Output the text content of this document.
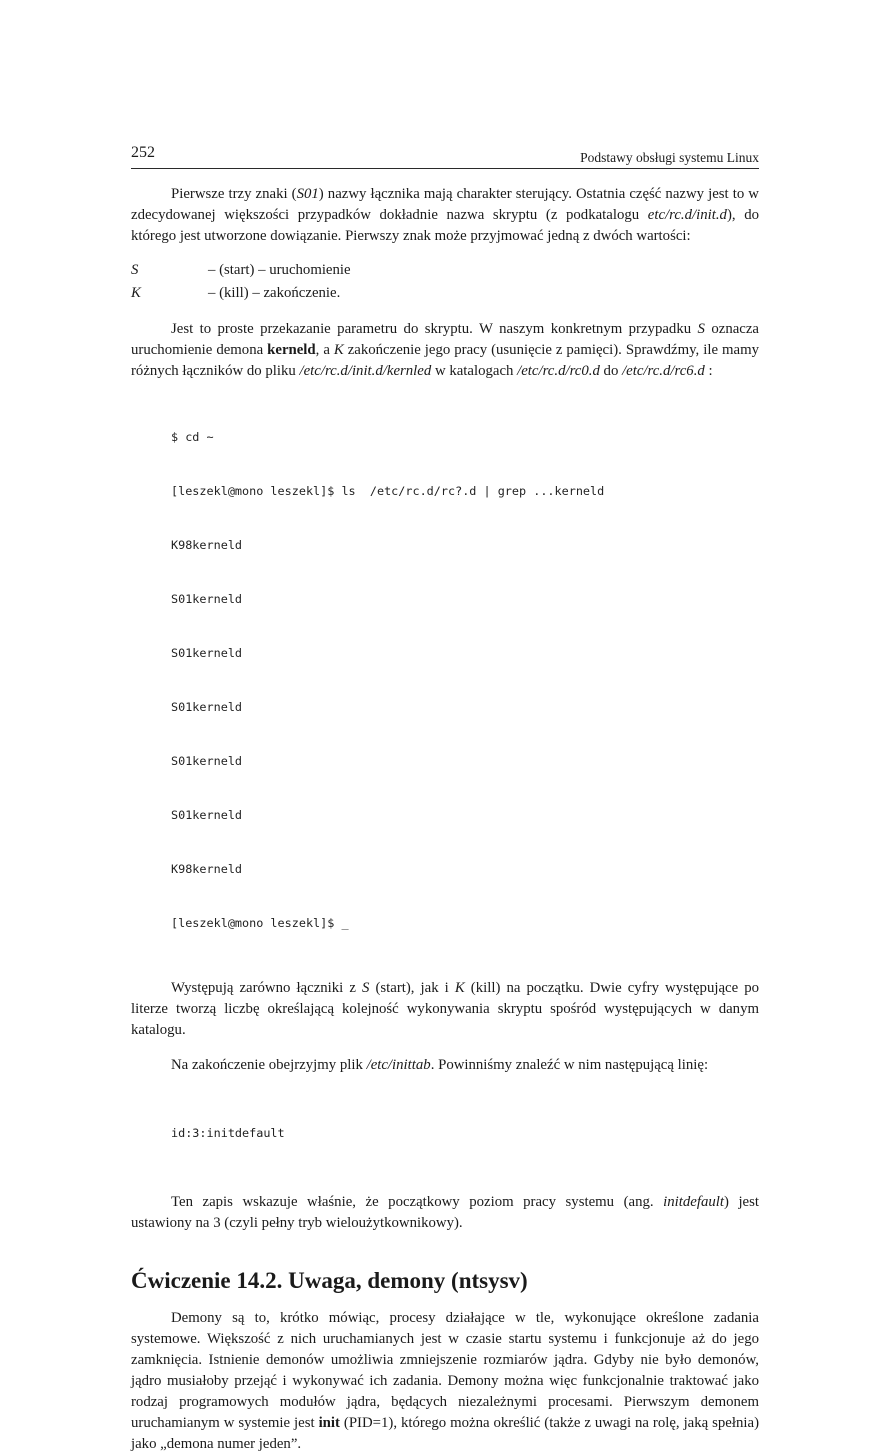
252	Podstawy obsługi systemu Linux

Pierwsze trzy znaki (S01) nazwy łącznika mają charakter sterujący. Ostatnia część nazwy jest to w zdecydowanej większości przypadków dokładnie nazwa skryptu (z podkatalogu etc/rc.d/init.d), do którego jest utworzone dowiązanie. Pierwszy znak może przyjmować jedną z dwóch wartości:

S	– (start) – uruchomienie
K	– (kill) – zakończenie.

Jest to proste przekazanie parametru do skryptu. W naszym konkretnym przypadku S oznacza uruchomienie demona kerneld, a K zakończenie jego pracy (usunięcie z pamięci). Sprawdźmy, ile mamy różnych łączników do pliku /etc/rc.d/init.d/kernled w katalogach /etc/rc.d/rc0.d do /etc/rc.d/rc6.d :

$ cd ~

[leszekl@mono leszekl]$ ls  /etc/rc.d/rc?.d | grep ...kerneld

K98kerneld

S01kerneld

S01kerneld

S01kerneld

S01kerneld

S01kerneld

K98kerneld

[leszekl@mono leszekl]$ _

Występują zarówno łączniki z S (start), jak i K (kill) na początku. Dwie cyfry występujące po literze tworzą liczbę określającą kolejność wykonywania skryptu spośród występujących w danym katalogu.

Na zakończenie obejrzyjmy plik /etc/inittab. Powinniśmy znaleźć w nim następującą linię:

id:3:initdefault

Ten zapis wskazuje właśnie, że początkowy poziom pracy systemu (ang. initdefault) jest ustawiony na 3 (czyli pełny tryb wieloużytkownikowy).

Ćwiczenie 14.2. Uwaga, demony (ntsysv)

Demony są to, krótko mówiąc, procesy działające w tle, wykonujące określone zadania systemowe. Większość z nich uruchamianych jest w czasie startu systemu i funkcjonuje aż do jego zamknięcia. Istnienie demonów umożliwia zmniejszenie rozmiarów jądra. Gdyby nie było demonów, jądro musiałoby przejąć i wykonywać ich zadania. Demony można więc funkcjonalnie traktować jako rodzaj programowych modułów jądra, będących niezależnymi procesami. Pierwszym demonem uruchamianym w systemie jest init (PID=1), którego można określić (także z uwagi na rolę, jaką spełnia) jako „demona numer jeden”.
